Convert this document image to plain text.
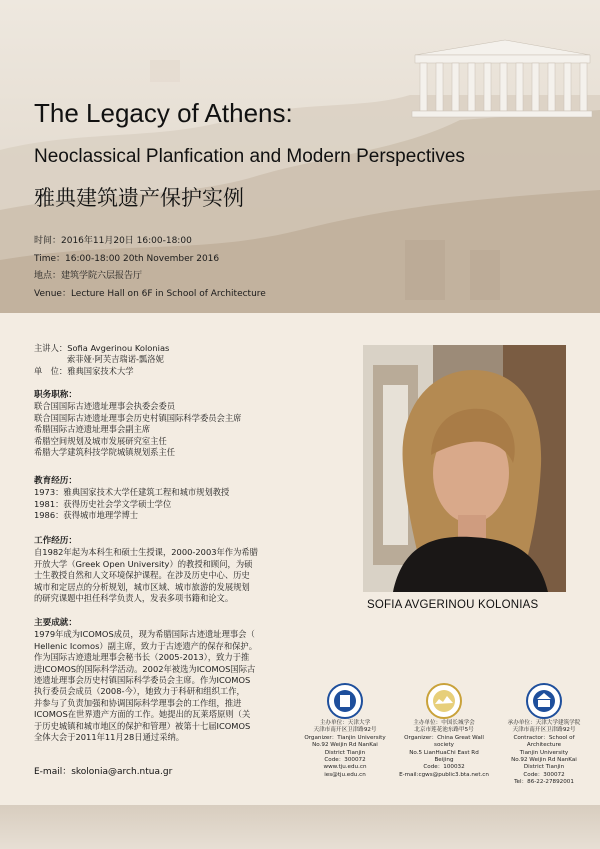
The Legacy of Athens:
Neoclassical Planfication and Modern Perspectives
雅典建筑遗产保护实例
时间：2016年11月20日 16:00-18:00
Time：16:00-18:00 20th November 2016
地点：建筑学院六层报告厅
Venue：Lecture Hall on 6F in School of Architecture
主讲人：Sofia Avgerinou Kolonias
索菲娅·阿芙吉瑞诺-瓢洛妮
单　位：雅典国家技术大学
职务职称：
联合国国际古迹遗址理事会执委会委员
联合国国际古迹遗址理事会历史村镇国际科学委员会主席
希腊国际古迹遗址理事会副主席
希腊空间规划及城市发展研究室主任
希腊大学建筑科技学院城镇规划系主任
教育经历：
1973：雅典国家技术大学任建筑工程和城市规划教授
1981：获得历史社会学文学硕士学位
1986：获得城市地理学博士
工作经历：
自1982年起为本科生和硕士生授课，2000-2003年作为希腊
开放大学（Greek Open University）的教授和顾问，为硕
士生教授自然和人文环境保护课程。在涉及历史中心、历史
城市和定居点的分析规划，城市区域、城市旅游的发展规划
的研究课题中担任科学负责人，发表多项书籍和论文。
主要成就：
1979年成为ICOMOS成员，现为希腊国际古迹遗址理事会（
Hellenic Icomos）副主席，致力于古迹遗产的保存和保护。
作为国际古迹遗址理事会秘书长（2005-2013），致力于推
进ICOMOS的国际科学活动。2002年被选为ICOMOS国际古
迹遗址理事会历史村镇国际科学委员会主席。作为ICOMOS
执行委员会成员（2008-今），她致力于科研和组织工作，
并参与了负责加强和协调国际科学理事会的工作组，推进
ICOMOS在世界遗产方面的工作。她提出的瓦莱塔原则（关
于历史城镇和城市地区的保护和管理）被第十七届ICOMOS
全体大会于2011年11月28日通过采纳。
E-mail：skolonia@arch.ntua.gr
SOFIA AVGERINOU KOLONIAS
主办单位：天津大学
天津市南开区卫津路92号
Organizer：Tianjin University
No.92 Weijin Rd NanKai
District Tianjin
Code：300072
www.tju.edu.cn
ies@tju.edu.cn
主办单位：中国长城学会
北京市莲花池东路甲5号
Organizer：China Great Wall society
No.5 LianHuaChi East Rd
Beijing
Code：100032
E-mail:cgws@public3.bta.net.cn
承办单位：天津大学建筑学院
天津市南开区卫津路92号
Contractor：School of Architecture
Tianjin University
No.92 Weijin Rd NanKai
District Tianjin
Code：300072
Tel：86-22-27892001
